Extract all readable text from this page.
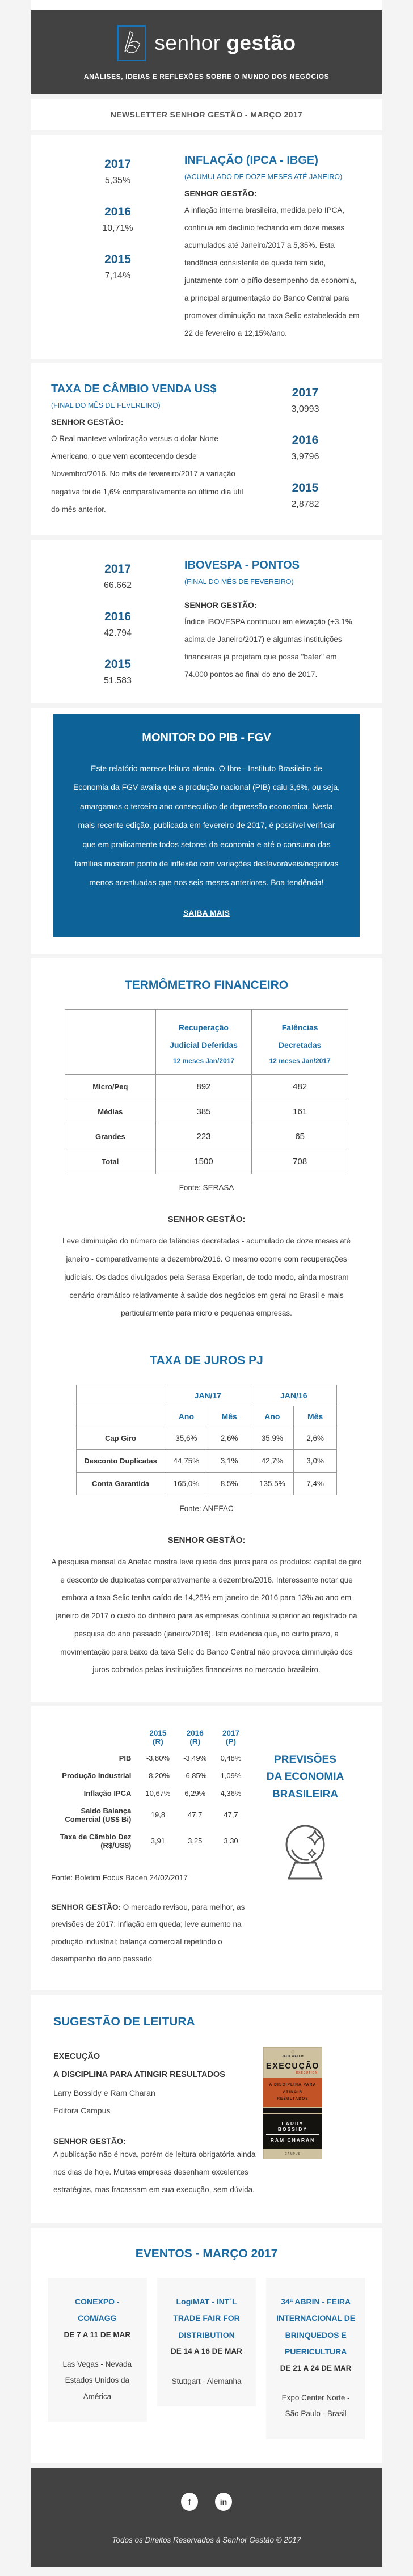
senhor gestão
ANÁLISES, IDEIAS E REFLEXÕES SOBRE O MUNDO DOS NEGÓCIOS
NEWSLETTER SENHOR GESTÃO - MARÇO 2017
2017
5,35%
2016
10,71%
2015
7,14%
INFLAÇÃO (IPCA - IBGE)

(ACUMULADO DE DOZE MESES ATÉ JANEIRO)

SENHOR GESTÃO:

A inflação interna brasileira, medida pelo IPCA, continua em declínio fechando em doze meses acumulados até Janeiro/2017 a 5,35%. Esta tendência consistente de queda tem sido, juntamente com o pífio desempenho da economia, a principal argumentação do Banco Central para promover diminuição na taxa Selic estabelecida em 22 de fevereiro a 12,15%/ano.

TAXA DE CÂMBIO VENDA US$

(FINAL DO MÊS DE FEVEREIRO)

SENHOR GESTÃO:

O Real manteve valorização versus o dolar Norte Americano, o que vem acontecendo desde Novembro/2016. No mês de fevereiro/2017 a variação negativa foi de 1,6% comparativamente ao último dia útil do mês anterior.

2017
3,0993
2016
3,9796
2015
2,8782
2017
66.662
2016
42.794
2015
51.583
IBOVESPA - PONTOS

(FINAL DO MÊS DE FEVEREIRO)

SENHOR GESTÃO:

Índice IBOVESPA continuou em elevação (+3,1% acima de Janeiro/2017) e algumas instituições financeiras já projetam que possa "bater" em 74.000 pontos ao final do ano de 2017.

MONITOR DO PIB - FGV

Este relatório merece leitura atenta. O Ibre - Instituto Brasileiro de Economia da FGV avalia que a produção nacional (PIB) caiu 3,6%, ou seja, amargamos o terceiro ano consecutivo de depressão economica. Nesta mais recente edição, publicada em fevereiro de 2017, é possível verificar que em praticamente todos setores da economia e até o consumo das famílias mostram ponto de inflexão com variações desfavoráveis/negativas menos acentuadas que nos seis meses anteriores. Boa tendência!

SAIBA MAIS
TERMÔMETRO FINANCEIRO

Recuperação
Judicial Deferidas
12 meses Jan/2017

Falências
Decretadas
12 meses Jan/2017

Micro/Peq	892	482
Médias	385	161
Grandes	223	65
Total	1500	708

Fonte: SERASA

SENHOR GESTÃO:

Leve diminuição do número de falências decretadas - acumulado de doze meses até janeiro - comparativamente a dezembro/2016. O mesmo ocorre com recuperações judiciais. Os dados divulgados pela Serasa Experian, de todo modo, ainda mostram cenário dramático relativamente à saúde dos negócios em geral no Brasil e mais particularmente para micro e pequenas empresas.

TAXA DE JUROS PJ
	JAN/17		JAN/16	
	Ano	Mês	Ano	Mês
Cap Giro	35,6%	2,6%	35,9%	2,6%
Desconto Duplicatas	44,75%	3,1%	42,7%	3,0%
Conta Garantida	165,0%	8,5%	135,5%	7,4%

Fonte: ANEFAC

SENHOR GESTÃO:

A pesquisa mensal da Anefac mostra leve queda dos juros para os produtos: capital de giro e desconto de duplicatas comparativamente a dezembro/2016. Interessante notar que embora a taxa Selic tenha caído de 14,25% em janeiro de 2016 para 13% ao ano em janeiro de 2017 o custo do dinheiro para as empresas continua superior ao registrado na pesquisa do ano passado (janeiro/2016). Isto evidencia que, no curto prazo, a movimentação para baixo da taxa Selic do Banco Central não provoca diminuição dos juros cobrados pelas instituições financeiras no mercado brasileiro.

	2015 (R)	2016 (R)	2017 (P)
PIB	-3,80%	-3,49%	0,48%
Produção Industrial	-8,20%	-6,85%	1,09%
Inflação IPCA	10,67%	6,29%	4,36%
Saldo Balança Comercial (US$ Bi)	19,8	47,7	47,7
Taxa de Câmbio Dez (R$/US$)	3,91	3,25	3,30

Fonte: Boletim Focus Bacen 24/02/2017

SENHOR GESTÃO: O mercado revisou, para melhor, as previsões de 2017: inflação em queda; leve aumento na produção industrial; balança comercial repetindo o desempenho do ano passado

PREVISÕES
DA ECONOMIA
BRASILEIRA
SUGESTÃO DE LEITURA

EXECUÇÃO

A DISCIPLINA PARA ATINGIR RESULTADOS

Larry Bossidy e Ram Charan

Editora Campus

SENHOR GESTÃO:

A publicação não é nova, porém de leitura obrigatória ainda nos dias de hoje. Muitas empresas desenham excelentes estratégias, mas fracassam em sua execução, sem dúvida.

⚙
JACK WELCH
EXECUÇÃO
EXECUTION
A DISCIPLINA PARA ATINGIR RESULTADOS
LARRY BOSSIDY
RAM CHARAN
CAMPUS
EVENTOS - MARÇO 2017
CONEXPO - COM/AGG
DE 7 A 11 DE MAR
Las Vegas - Nevada Estados Unidos da América
LogiMAT - INT´L TRADE FAIR FOR DISTRIBUTION
DE 14 A 16 DE MAR
Stuttgart - Alemanha
34ª ABRIN - FEIRA INTERNACIONAL DE BRINQUEDOS E PUERICULTURA
DE 21 A 24 DE MAR
Expo Center Norte - São Paulo - Brasil
f	in
Todos os Direitos Reservados à Senhor Gestão © 2017
